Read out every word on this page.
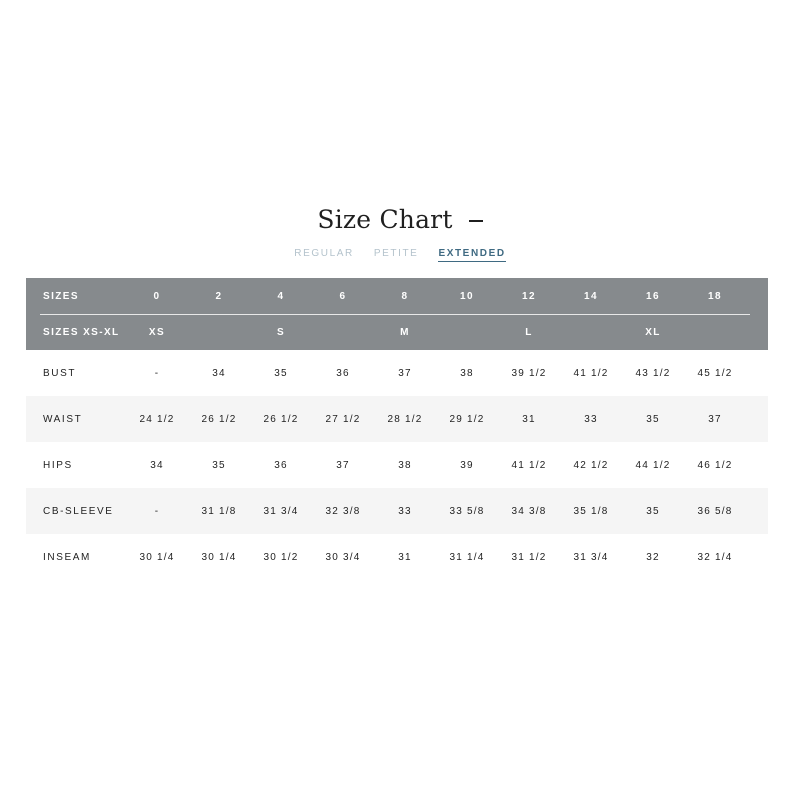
Size Chart
REGULAR PETITE EXTENDED
SIZES	0	2	4	6	8	10	12	14	16	18
SIZES XS-XL	XS	S	M	L	XL
BUST	-	34	35	36	37	38	39 1/2	41 1/2	43 1/2	45 1/2
WAIST	24 1/2	26 1/2	26 1/2	27 1/2	28 1/2	29 1/2	31	33	35	37
HIPS	34	35	36	37	38	39	41 1/2	42 1/2	44 1/2	46 1/2
CB-SLEEVE	-	31 1/8	31 3/4	32 3/8	33	33 5/8	34 3/8	35 1/8	35	36 5/8
INSEAM	30 1/4	30 1/4	30 1/2	30 3/4	31	31 1/4	31 1/2	31 3/4	32	32 1/4
